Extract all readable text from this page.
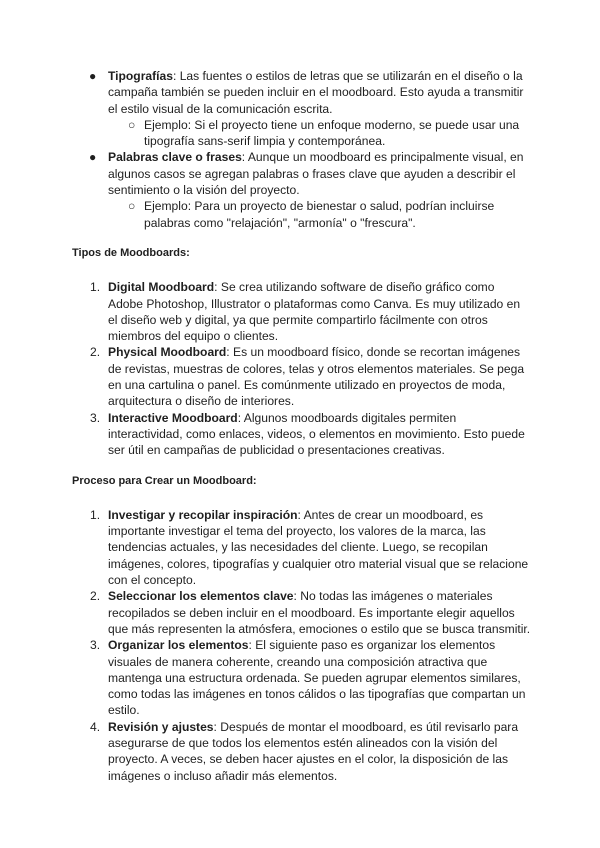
● Tipografías: Las fuentes o estilos de letras que se utilizarán en el diseño o la campaña también se pueden incluir en el moodboard. Esto ayuda a transmitir el estilo visual de la comunicación escrita.
○ Ejemplo: Si el proyecto tiene un enfoque moderno, se puede usar una tipografía sans-serif limpia y contemporánea.
● Palabras clave o frases: Aunque un moodboard es principalmente visual, en algunos casos se agregan palabras o frases clave que ayuden a describir el sentimiento o la visión del proyecto.
○ Ejemplo: Para un proyecto de bienestar o salud, podrían incluirse palabras como "relajación", "armonía" o "frescura".
Tipos de Moodboards:
1. Digital Moodboard: Se crea utilizando software de diseño gráfico como Adobe Photoshop, Illustrator o plataformas como Canva. Es muy utilizado en el diseño web y digital, ya que permite compartirlo fácilmente con otros miembros del equipo o clientes.
2. Physical Moodboard: Es un moodboard físico, donde se recortan imágenes de revistas, muestras de colores, telas y otros elementos materiales. Se pega en una cartulina o panel. Es comúnmente utilizado en proyectos de moda, arquitectura o diseño de interiores.
3. Interactive Moodboard: Algunos moodboards digitales permiten interactividad, como enlaces, videos, o elementos en movimiento. Esto puede ser útil en campañas de publicidad o presentaciones creativas.
Proceso para Crear un Moodboard:
1. Investigar y recopilar inspiración: Antes de crear un moodboard, es importante investigar el tema del proyecto, los valores de la marca, las tendencias actuales, y las necesidades del cliente. Luego, se recopilan imágenes, colores, tipografías y cualquier otro material visual que se relacione con el concepto.
2. Seleccionar los elementos clave: No todas las imágenes o materiales recopilados se deben incluir en el moodboard. Es importante elegir aquellos que más representen la atmósfera, emociones o estilo que se busca transmitir.
3. Organizar los elementos: El siguiente paso es organizar los elementos visuales de manera coherente, creando una composición atractiva que mantenga una estructura ordenada. Se pueden agrupar elementos similares, como todas las imágenes en tonos cálidos o las tipografías que compartan un estilo.
4. Revisión y ajustes: Después de montar el moodboard, es útil revisarlo para asegurarse de que todos los elementos estén alineados con la visión del proyecto. A veces, se deben hacer ajustes en el color, la disposición de las imágenes o incluso añadir más elementos.
